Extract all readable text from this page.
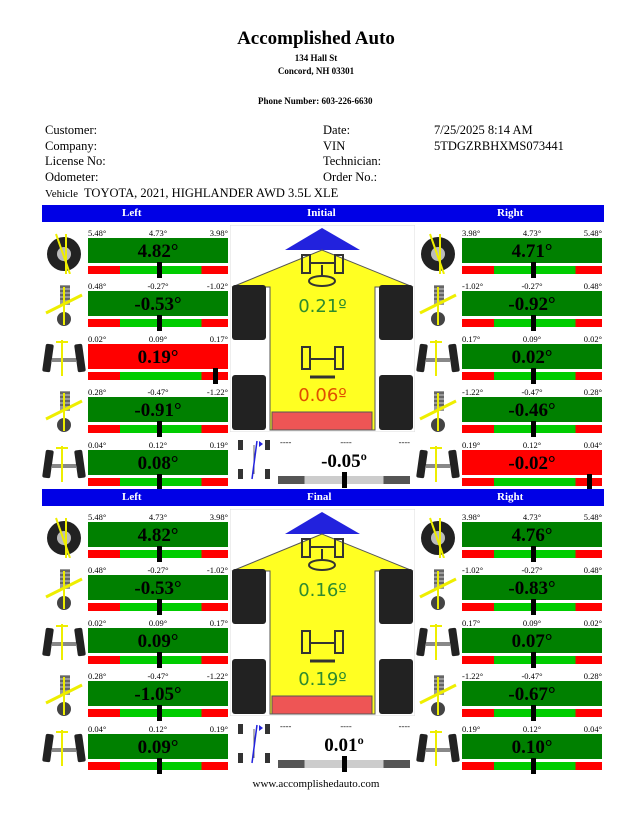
Accomplished Auto
134 Hall St
Concord, NH 03301
Phone Number: 603-226-6630
Customer:
Company:
License No:
Odometer:
Vehicle TOYOTA, 2021, HIGHLANDER AWD 3.5L XLE
Date:	7/25/2025 8:14 AM
VIN	5TDGZRBHXMS073441
Technician:
Order No.:
Left	Initial	Right
5.48°	4.73°	3.98°
4.82°
0.48°	-0.27°	-1.02°
-0.53°
0.02°	0.09°	0.17°
0.19°
0.28°	-0.47°	-1.22°
-0.91°
0.04°	0.12°	0.19°
0.08°
3.98°	4.73°	5.48°
4.71°
-1.02°	-0.27°	0.48°
-0.92°
0.17°	0.09°	0.02°
0.02°
-1.22°	-0.47°	0.28°
-0.46°
0.19°	0.12°	0.04°
-0.02°
0.21º
0.06º
----	----	----
-0.05º
Left	Final	Right
5.48°	4.73°	3.98°
4.82°
0.48°	-0.27°	-1.02°
-0.53°
0.02°	0.09°	0.17°
0.09°
0.28°	-0.47°	-1.22°
-1.05°
0.04°	0.12°	0.19°
0.09°
3.98°	4.73°	5.48°
4.76°
-1.02°	-0.27°	0.48°
-0.83°
0.17°	0.09°	0.02°
0.07°
-1.22°	-0.47°	0.28°
-0.67°
0.19°	0.12°	0.04°
0.10°
0.16º
0.19º
----	----	----
0.01º
www.accomplishedauto.com
